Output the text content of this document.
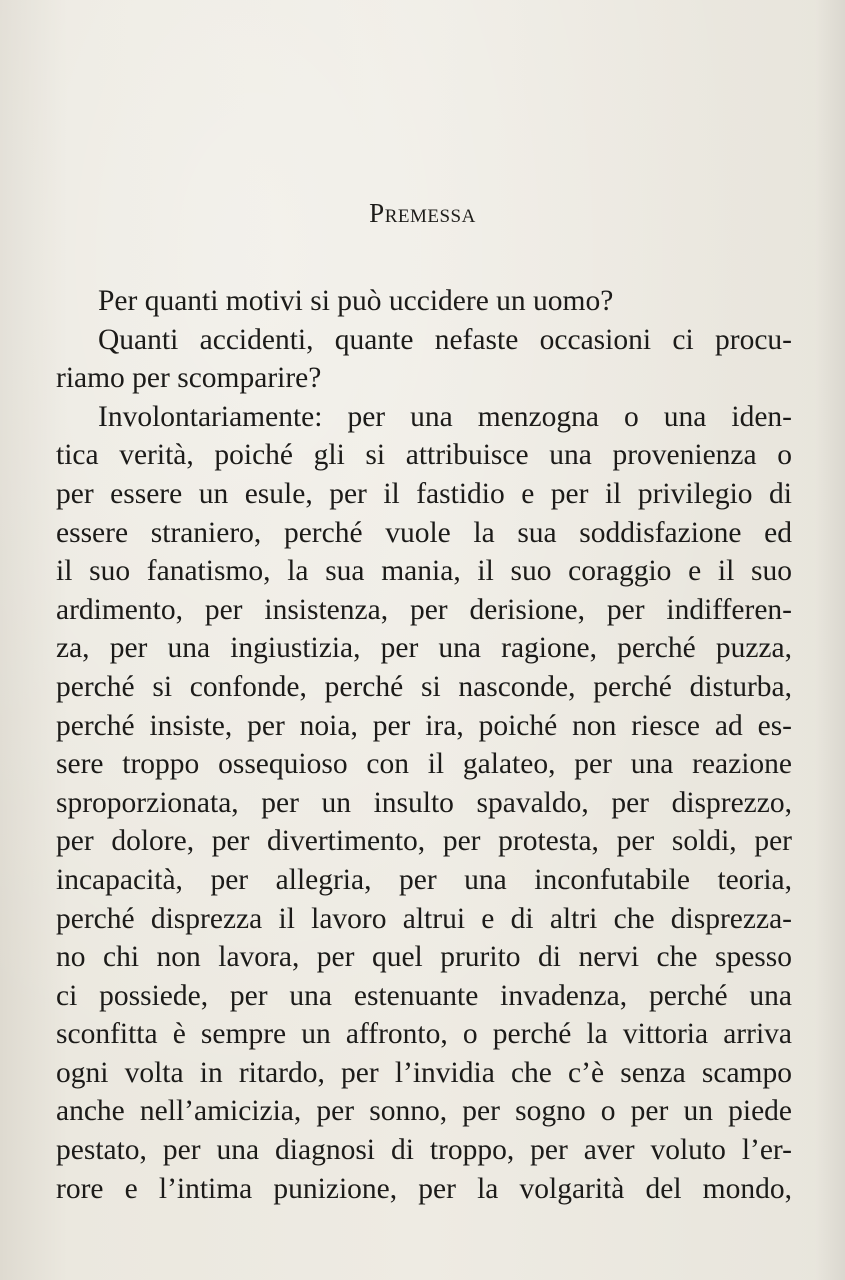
Premessa
Per quanti motivi si può uccidere un uomo?
Quanti accidenti, quante nefaste occasioni ci procu-
riamo per scomparire?
Involontariamente: per una menzogna o una iden-
tica verità, poiché gli si attribuisce una provenienza o
per essere un esule, per il fastidio e per il privilegio di
essere straniero, perché vuole la sua soddisfazione ed
il suo fanatismo, la sua mania, il suo coraggio e il suo
ardimento, per insistenza, per derisione, per indifferen-
za, per una ingiustizia, per una ragione, perché puzza,
perché si confonde, perché si nasconde, perché disturba,
perché insiste, per noia, per ira, poiché non riesce ad es-
sere troppo ossequioso con il galateo, per una reazione
sproporzionata, per un insulto spavaldo, per disprezzo,
per dolore, per divertimento, per protesta, per soldi, per
incapacità, per allegria, per una inconfutabile teoria,
perché disprezza il lavoro altrui e di altri che disprezza-
no chi non lavora, per quel prurito di nervi che spesso
ci possiede, per una estenuante invadenza, perché una
sconfitta è sempre un affronto, o perché la vittoria arriva
ogni volta in ritardo, per l’invidia che c’è senza scampo
anche nell’amicizia, per sonno, per sogno o per un piede
pestato, per una diagnosi di troppo, per aver voluto l’er-
rore e l’intima punizione, per la volgarità del mondo,
